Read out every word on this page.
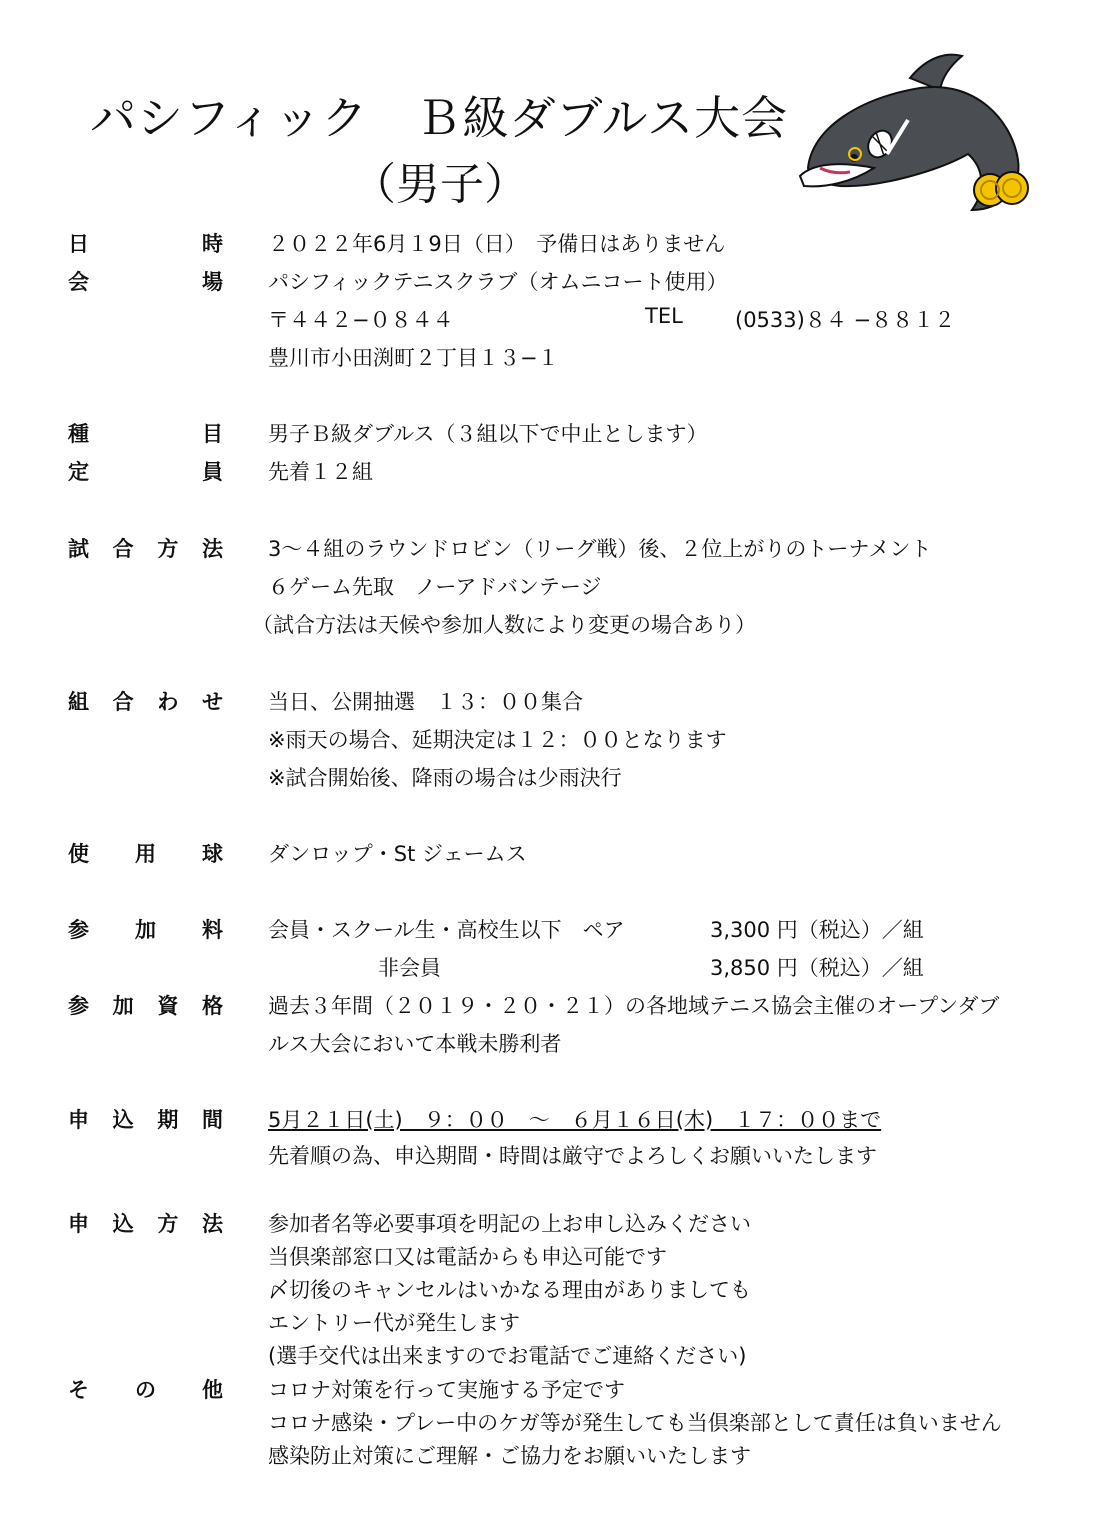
パシフィック　Ｂ級ダブルス大会
（男子）
日	時 ２０２２年6月１9日（日）　予備日はありません
会	場 パシフィックテニスクラブ（オムニコート使用）
〒４４２−０８４４	TEL (0533)８４ −８８１２
豊川市小田渕町２丁目１３−１
種	目 男子Ｂ級ダブルス（３組以下で中止とします）
定	員 先着１２組
試 合 方 法 3〜４組のラウンドロビン（リーグ戦）後、２位上がりのトーナメント
６ゲーム先取　ノーアドバンテージ
（試合方法は天候や参加人数により変更の場合あり）
組 合 わ せ 当日、公開抽選　１３：００集合
※雨天の場合、延期決定は１２：００となります
※試合開始後、降雨の場合は少雨決行
使 用 球 ダンロップ・St ジェームス
参 加 料 会員・スクール生・高校生以下　ペア	3,300 円（税込）／組
非会員	3,850 円（税込）／組
参 加 資 格 過去３年間（２０１９・２０・２１）の各地域テニス協会主催のオープンダブ
ルス大会において本戦未勝利者
申 込 期 間 5月２１日(土)　９：００　〜　６月１６日(木)　１７：００まで
先着順の為、申込期間・時間は厳守でよろしくお願いいたします
申 込 方 法 参加者名等必要事項を明記の上お申し込みください
当倶楽部窓口又は電話からも申込可能です
〆切後のキャンセルはいかなる理由がありましても
エントリー代が発生します
(選手交代は出来ますのでお電話でご連絡ください)
そ の 他 コロナ対策を行って実施する予定です
コロナ感染・プレー中のケガ等が発生しても当倶楽部として責任は負いません
感染防止対策にご理解・ご協力をお願いいたします
